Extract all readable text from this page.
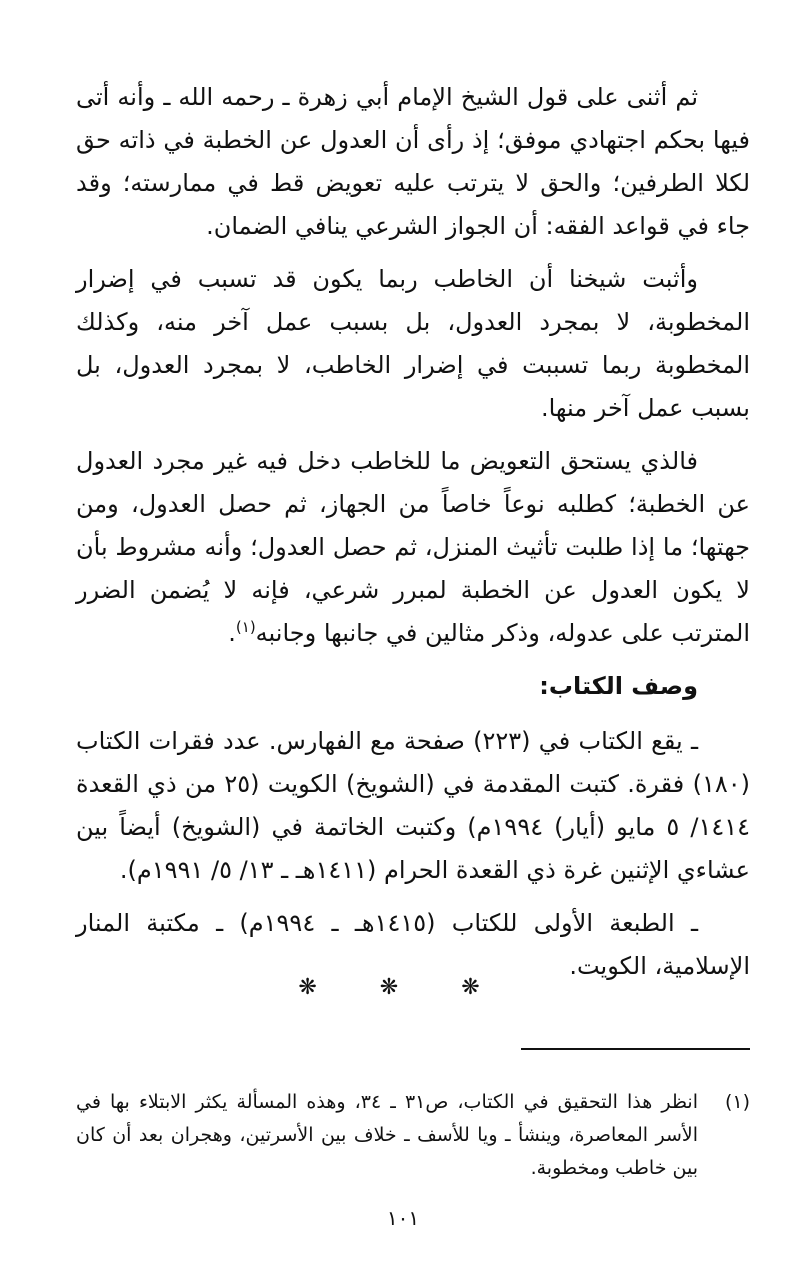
ثم أثنى على قول الشيخ الإمام أبي زهرة ـ رحمه الله ـ وأنه أتى فيها بحكم اجتهادي موفق؛ إذ رأى أن العدول عن الخطبة في ذاته حق لكلا الطرفين؛ والحق لا يترتب عليه تعويض قط في ممارسته؛ وقد جاء في قواعد الفقه: أن الجواز الشرعي ينافي الضمان.

وأثبت شيخنا أن الخاطب ربما يكون قد تسبب في إضرار المخطوبة، لا بمجرد العدول، بل بسبب عمل آخر منه، وكذلك المخطوبة ربما تسببت في إضرار الخاطب، لا بمجرد العدول، بل بسبب عمل آخر منها.

فالذي يستحق التعويض ما للخاطب دخل فيه غير مجرد العدول عن الخطبة؛ كطلبه نوعاً خاصاً من الجهاز، ثم حصل العدول، ومن جهتها؛ ما إذا طلبت تأثيث المنزل، ثم حصل العدول؛ وأنه مشروط بأن لا يكون العدول عن الخطبة لمبرر شرعي، فإنه لا يُضمن الضرر المترتب على عدوله، وذكر مثالين في جانبها وجانبه$^{(١)}$.

وصف الكتاب:

ـ يقع الكتاب في (٢٢٣) صفحة مع الفهارس. عدد فقرات الكتاب (١٨٠) فقرة. كتبت المقدمة في (الشويخ) الكويت (٢٥ من ذي القعدة ١٤١٤/ ٥ مايو (أيار) ١٩٩٤م) وكتبت الخاتمة في (الشويخ) أيضاً بين عشاءي الإثنين غرة ذي القعدة الحرام (١٤١١هـ ـ ١٣/ ٥/ ١٩٩١م).

ـ الطبعة الأولى للكتاب (١٤١٥هـ ـ ١٩٩٤م) ـ مكتبة المنار الإسلامية، الكويت.

❋ ❋ ❋
(١)
انظر هذا التحقيق في الكتاب، ص٣١ ـ ٣٤، وهذه المسألة يكثر الابتلاء بها في الأسر المعاصرة، وينشأ ـ ويا للأسف ـ خلاف بين الأسرتين، وهجران بعد أن كان بين خاطب ومخطوبة.
١٠١
